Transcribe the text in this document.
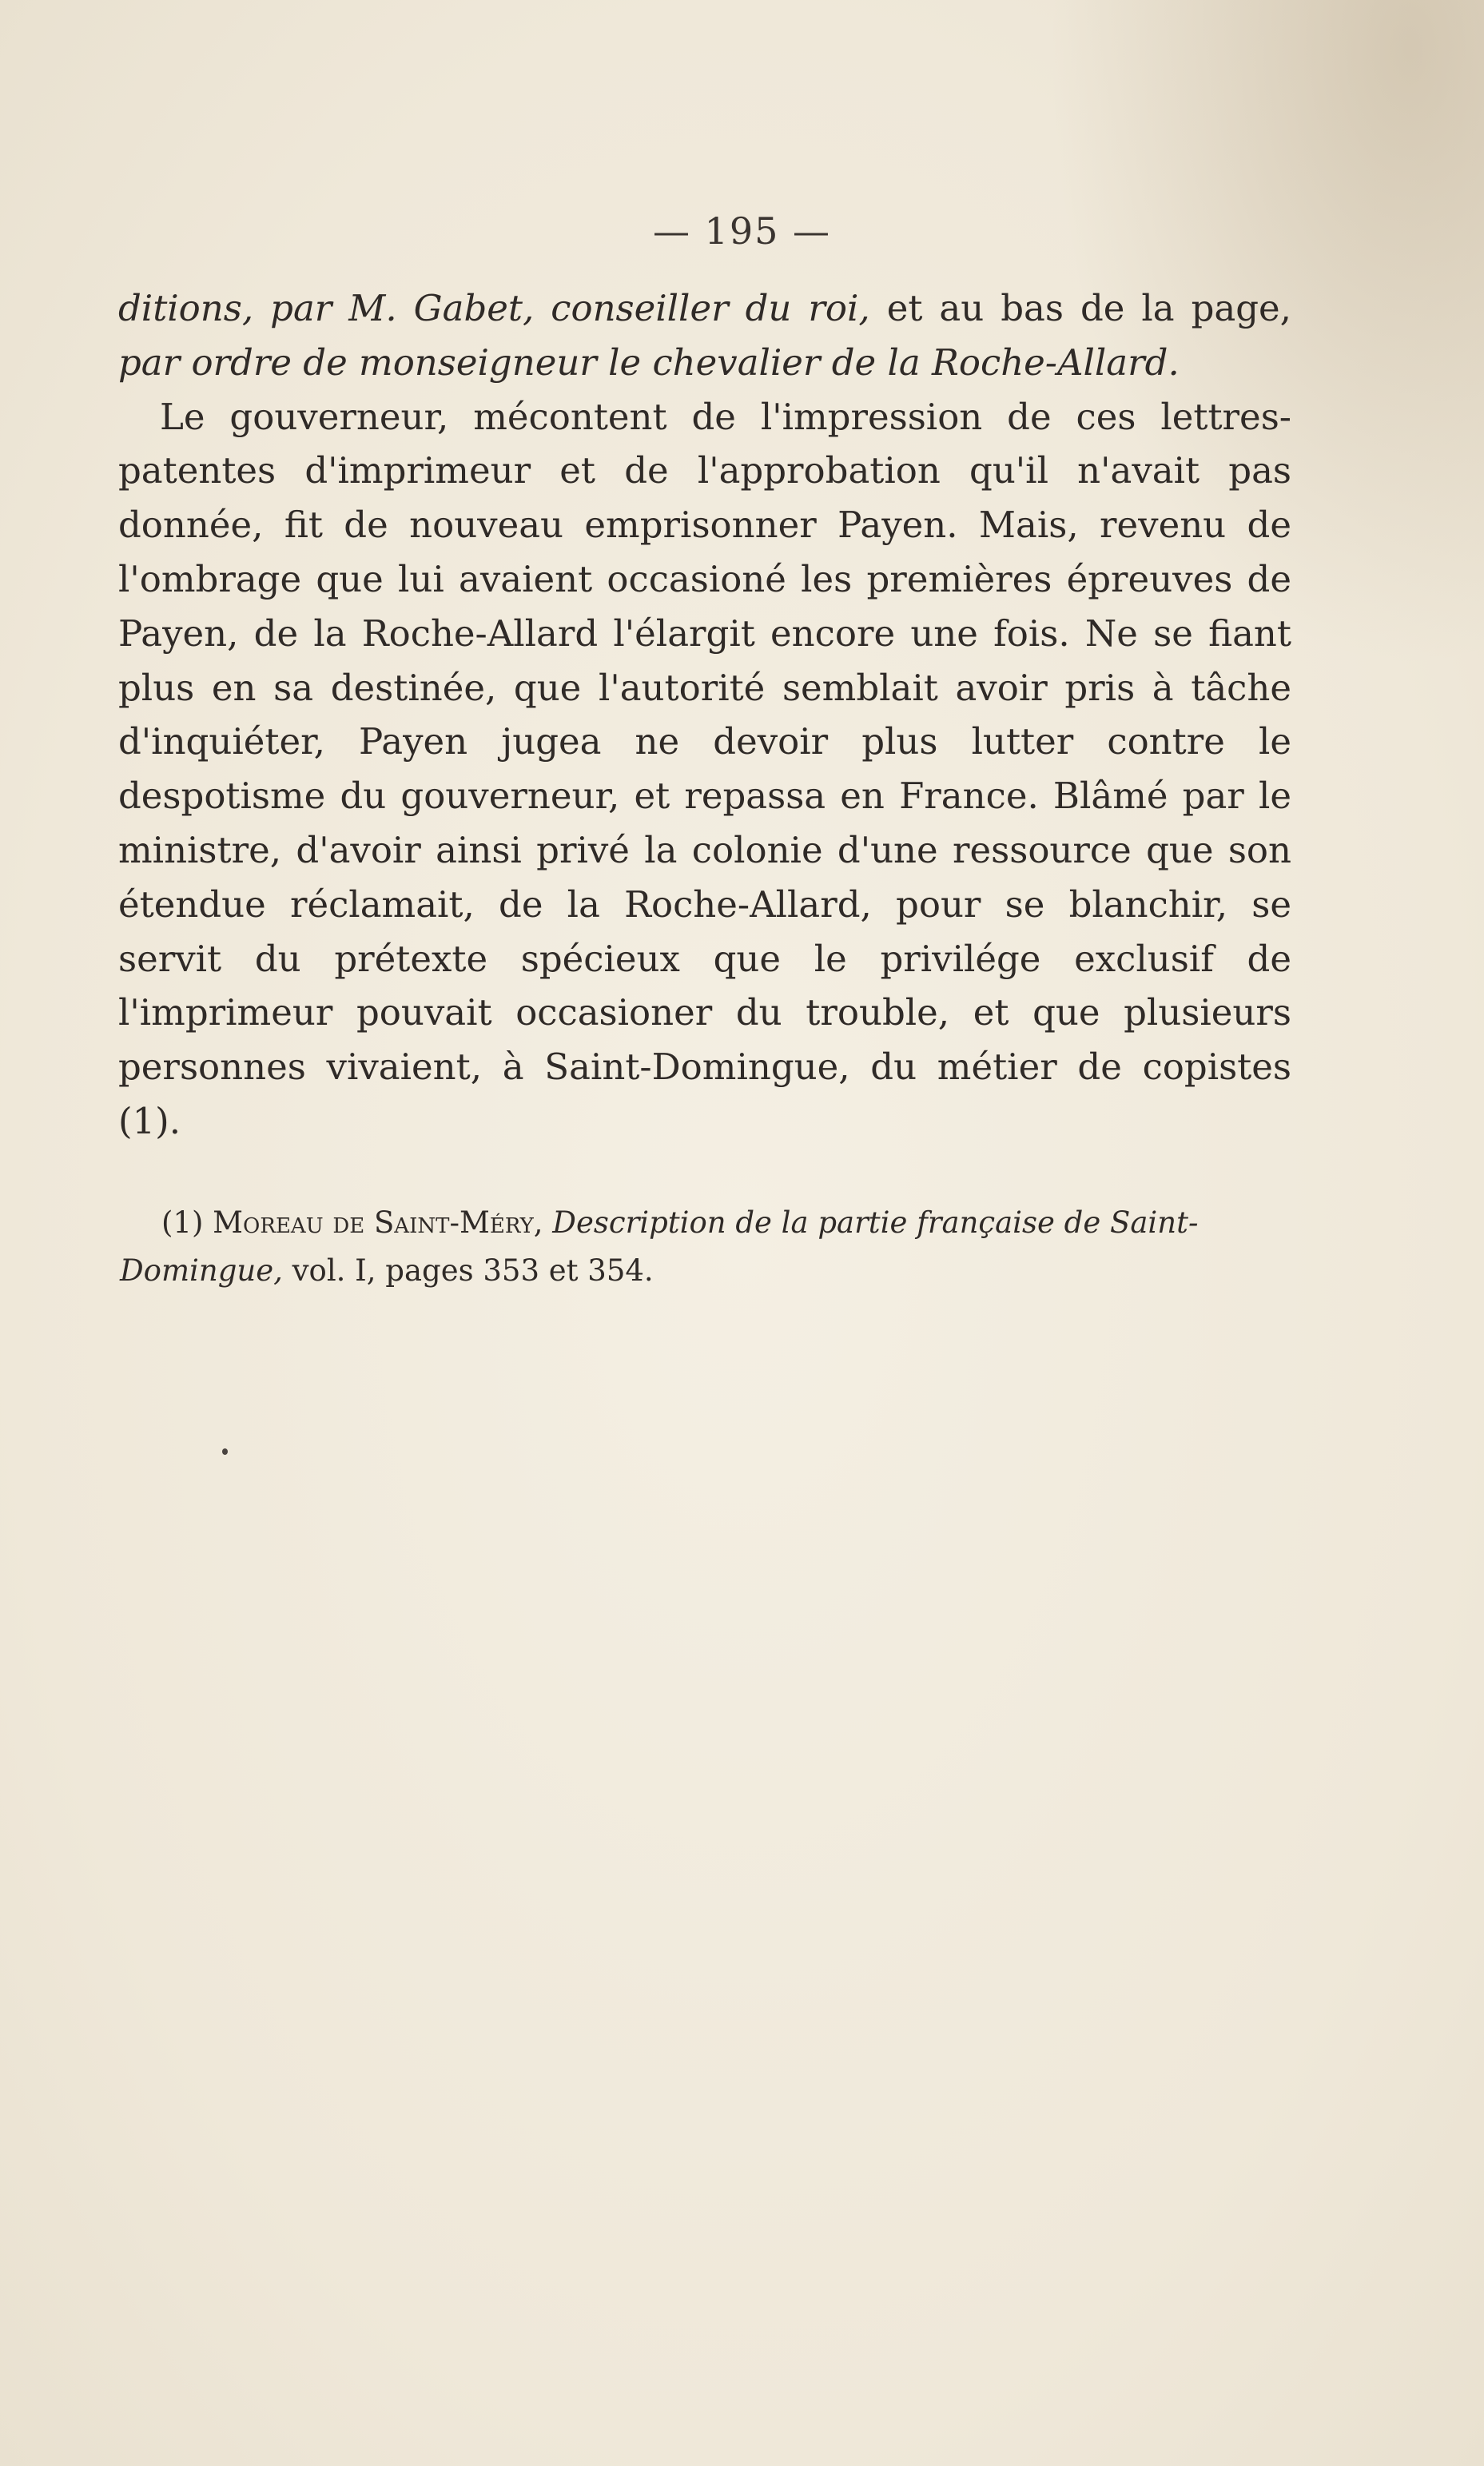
— 195 —

ditions, par M. Gabet, conseiller du roi, et au bas de la page, par ordre de monseigneur le chevalier de la Roche-Allard.

Le gouverneur, mécontent de l'impression de ces lettres-patentes d'imprimeur et de l'approbation qu'il n'avait pas donnée, fit de nouveau emprisonner Payen. Mais, revenu de l'ombrage que lui avaient occasioné les premières épreuves de Payen, de la Roche-Allard l'élargit encore une fois. Ne se fiant plus en sa destinée, que l'autorité semblait avoir pris à tâche d'inquiéter, Payen jugea ne devoir plus lutter contre le despotisme du gouverneur, et repassa en France. Blâmé par le ministre, d'avoir ainsi privé la colonie d'une ressource que son étendue réclamait, de la Roche-Allard, pour se blanchir, se servit du prétexte spécieux que le privilége exclusif de l'imprimeur pouvait occasioner du trouble, et que plusieurs personnes vivaient, à Saint-Domingue, du métier de copistes (1).

(1) Moreau de Saint-Méry, Description de la partie française de Saint-Domingue, vol. I, pages 353 et 354.
